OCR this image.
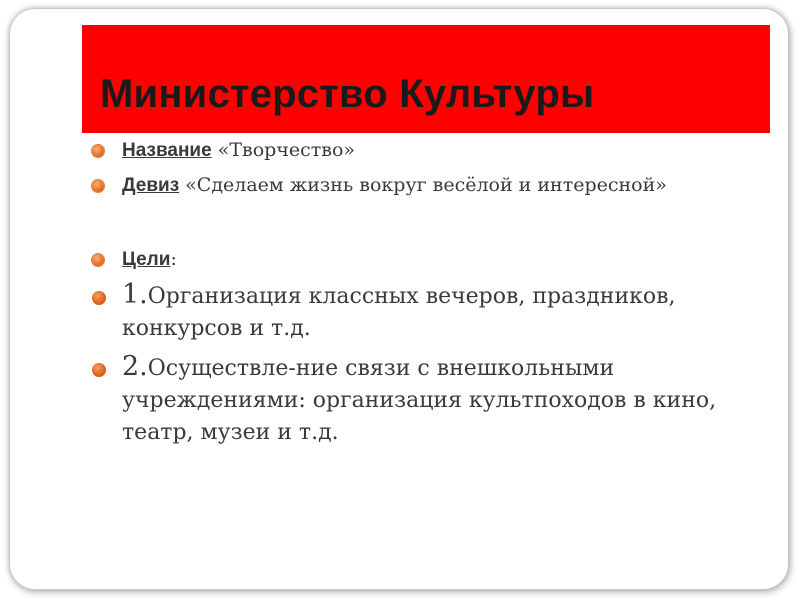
Министерство Культуры
Название «Творчество»
Девиз «Сделаем жизнь вокруг весёлой и интересной»
Цели:
1.Организация классных вечеров, праздников, конкурсов и т.д.
2.Осуществле-ние связи с внешкольными учреждениями: организация культпоходов в кино, театр, музеи и т.д.
